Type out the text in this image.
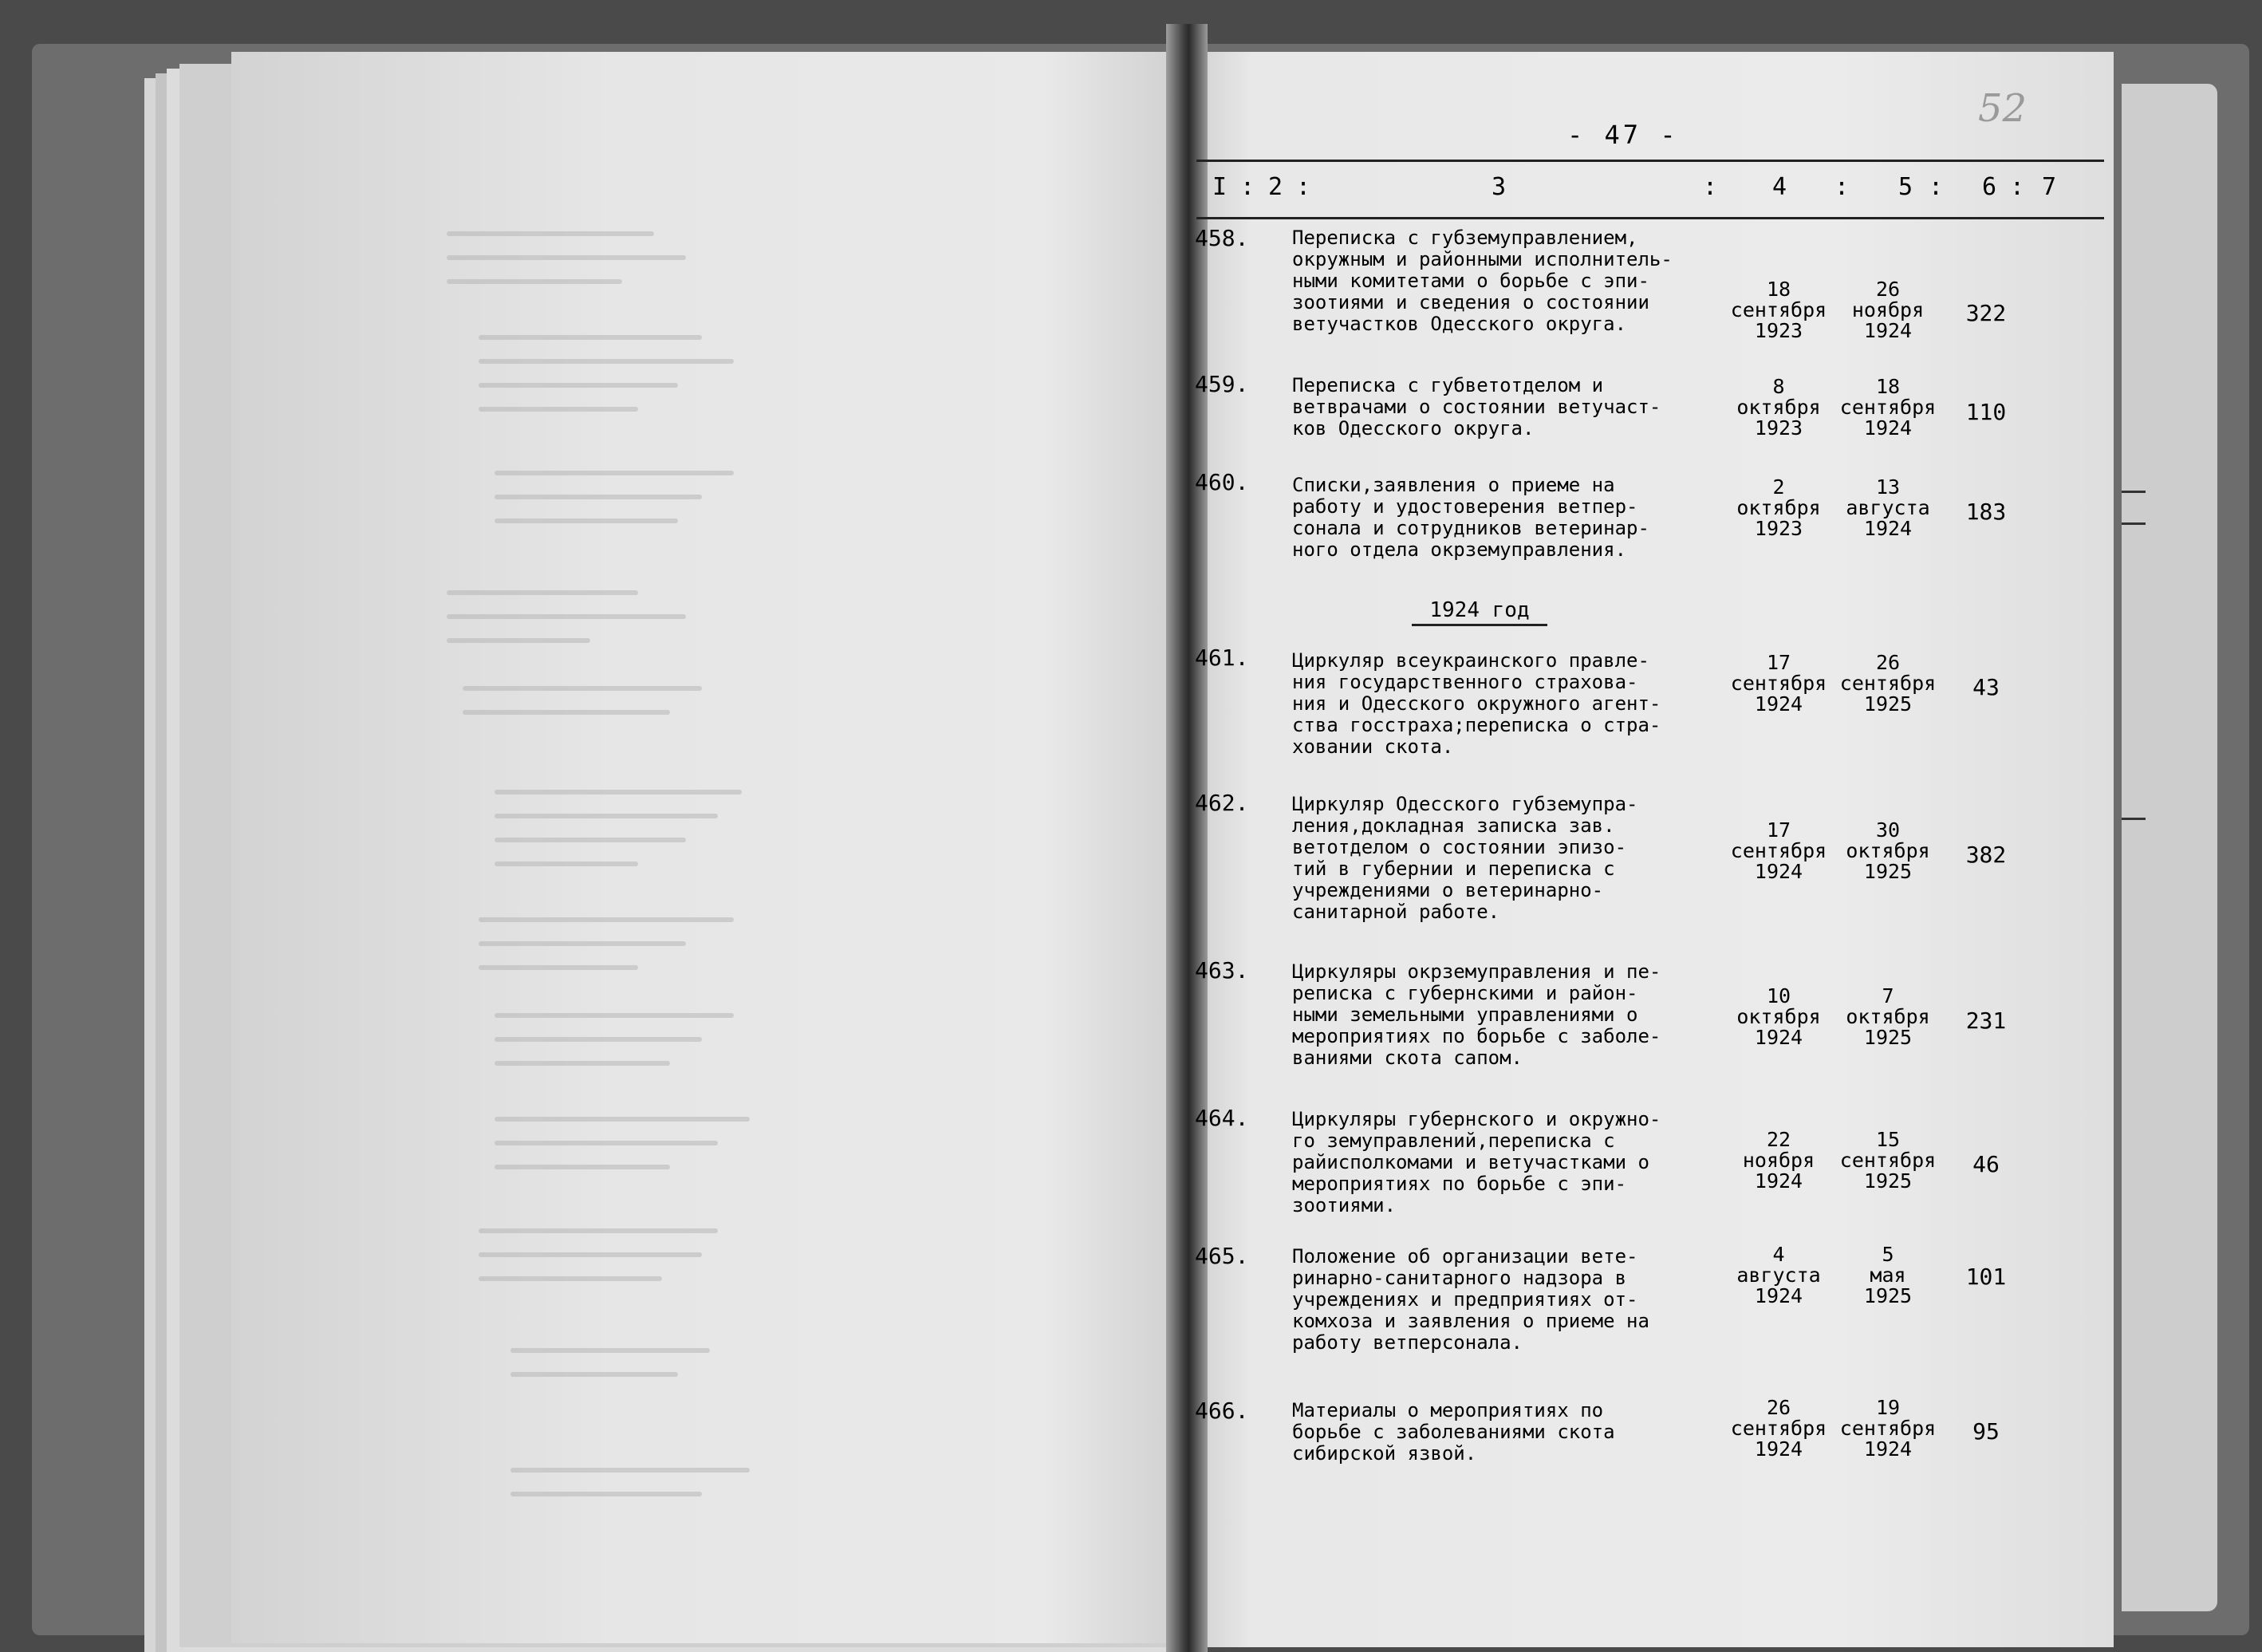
52
- 47 -
I : 2 :	3	: 4 : 5 : 6 : 7
458. Переписка с губземуправлением,
окружным и районными исполнитель-
ными комитетами о борьбе с эпи-
зоотиями и сведения о состоянии
ветучастков Одесского округа.
18
сентября
1923
26
ноября
1924
322
459. Переписка с губветотделом и
ветврачами о состоянии ветучаст-
ков Одесского округа.
8
октября
1923
18
сентября
1924
110
460. Списки,заявления о приеме на
работу и удостоверения ветпер-
сонала и сотрудников ветеринар-
ного отдела окрземуправления.
2
октября
1923
13
августа
1924
183
1924 год
461. Циркуляр всеукраинского правле-
ния государственного страхова-
ния и Одесского окружного агент-
ства госстраха;переписка о стра-
ховании скота.
17
сентября
1924
26
сентября
1925
43
462. Циркуляр Одесского губземупра-
ления,докладная записка зав.
ветотделом о состоянии эпизо-
тий в губернии и переписка с
учреждениями о ветеринарно-
санитарной работе.
17
сентября
1924
30
октября
1925
382
463. Циркуляры окрземуправления и пе-
реписка с губернскими и район-
ными земельными управлениями о
мероприятиях по борьбе с заболе-
ваниями скота сапом.
10
октября
1924
7
октября
1925
231
464. Циркуляры губернского и окружно-
го земуправлений,переписка с
райисполкомами и ветучастками о
мероприятиях по борьбе с эпи-
зоотиями.
22
ноября
1924
15
сентября
1925
46
465. Положение об организации вете-
ринарно-санитарного надзора в
учреждениях и предприятиях от-
комхоза и заявления о приеме на
работу ветперсонала.
4
августа
1924
5
мая
1925
101
466. Материалы о мероприятиях по
борьбе с заболеваниями скота
сибирской язвой.
26
сентября
1924
19
сентября
1924
95
